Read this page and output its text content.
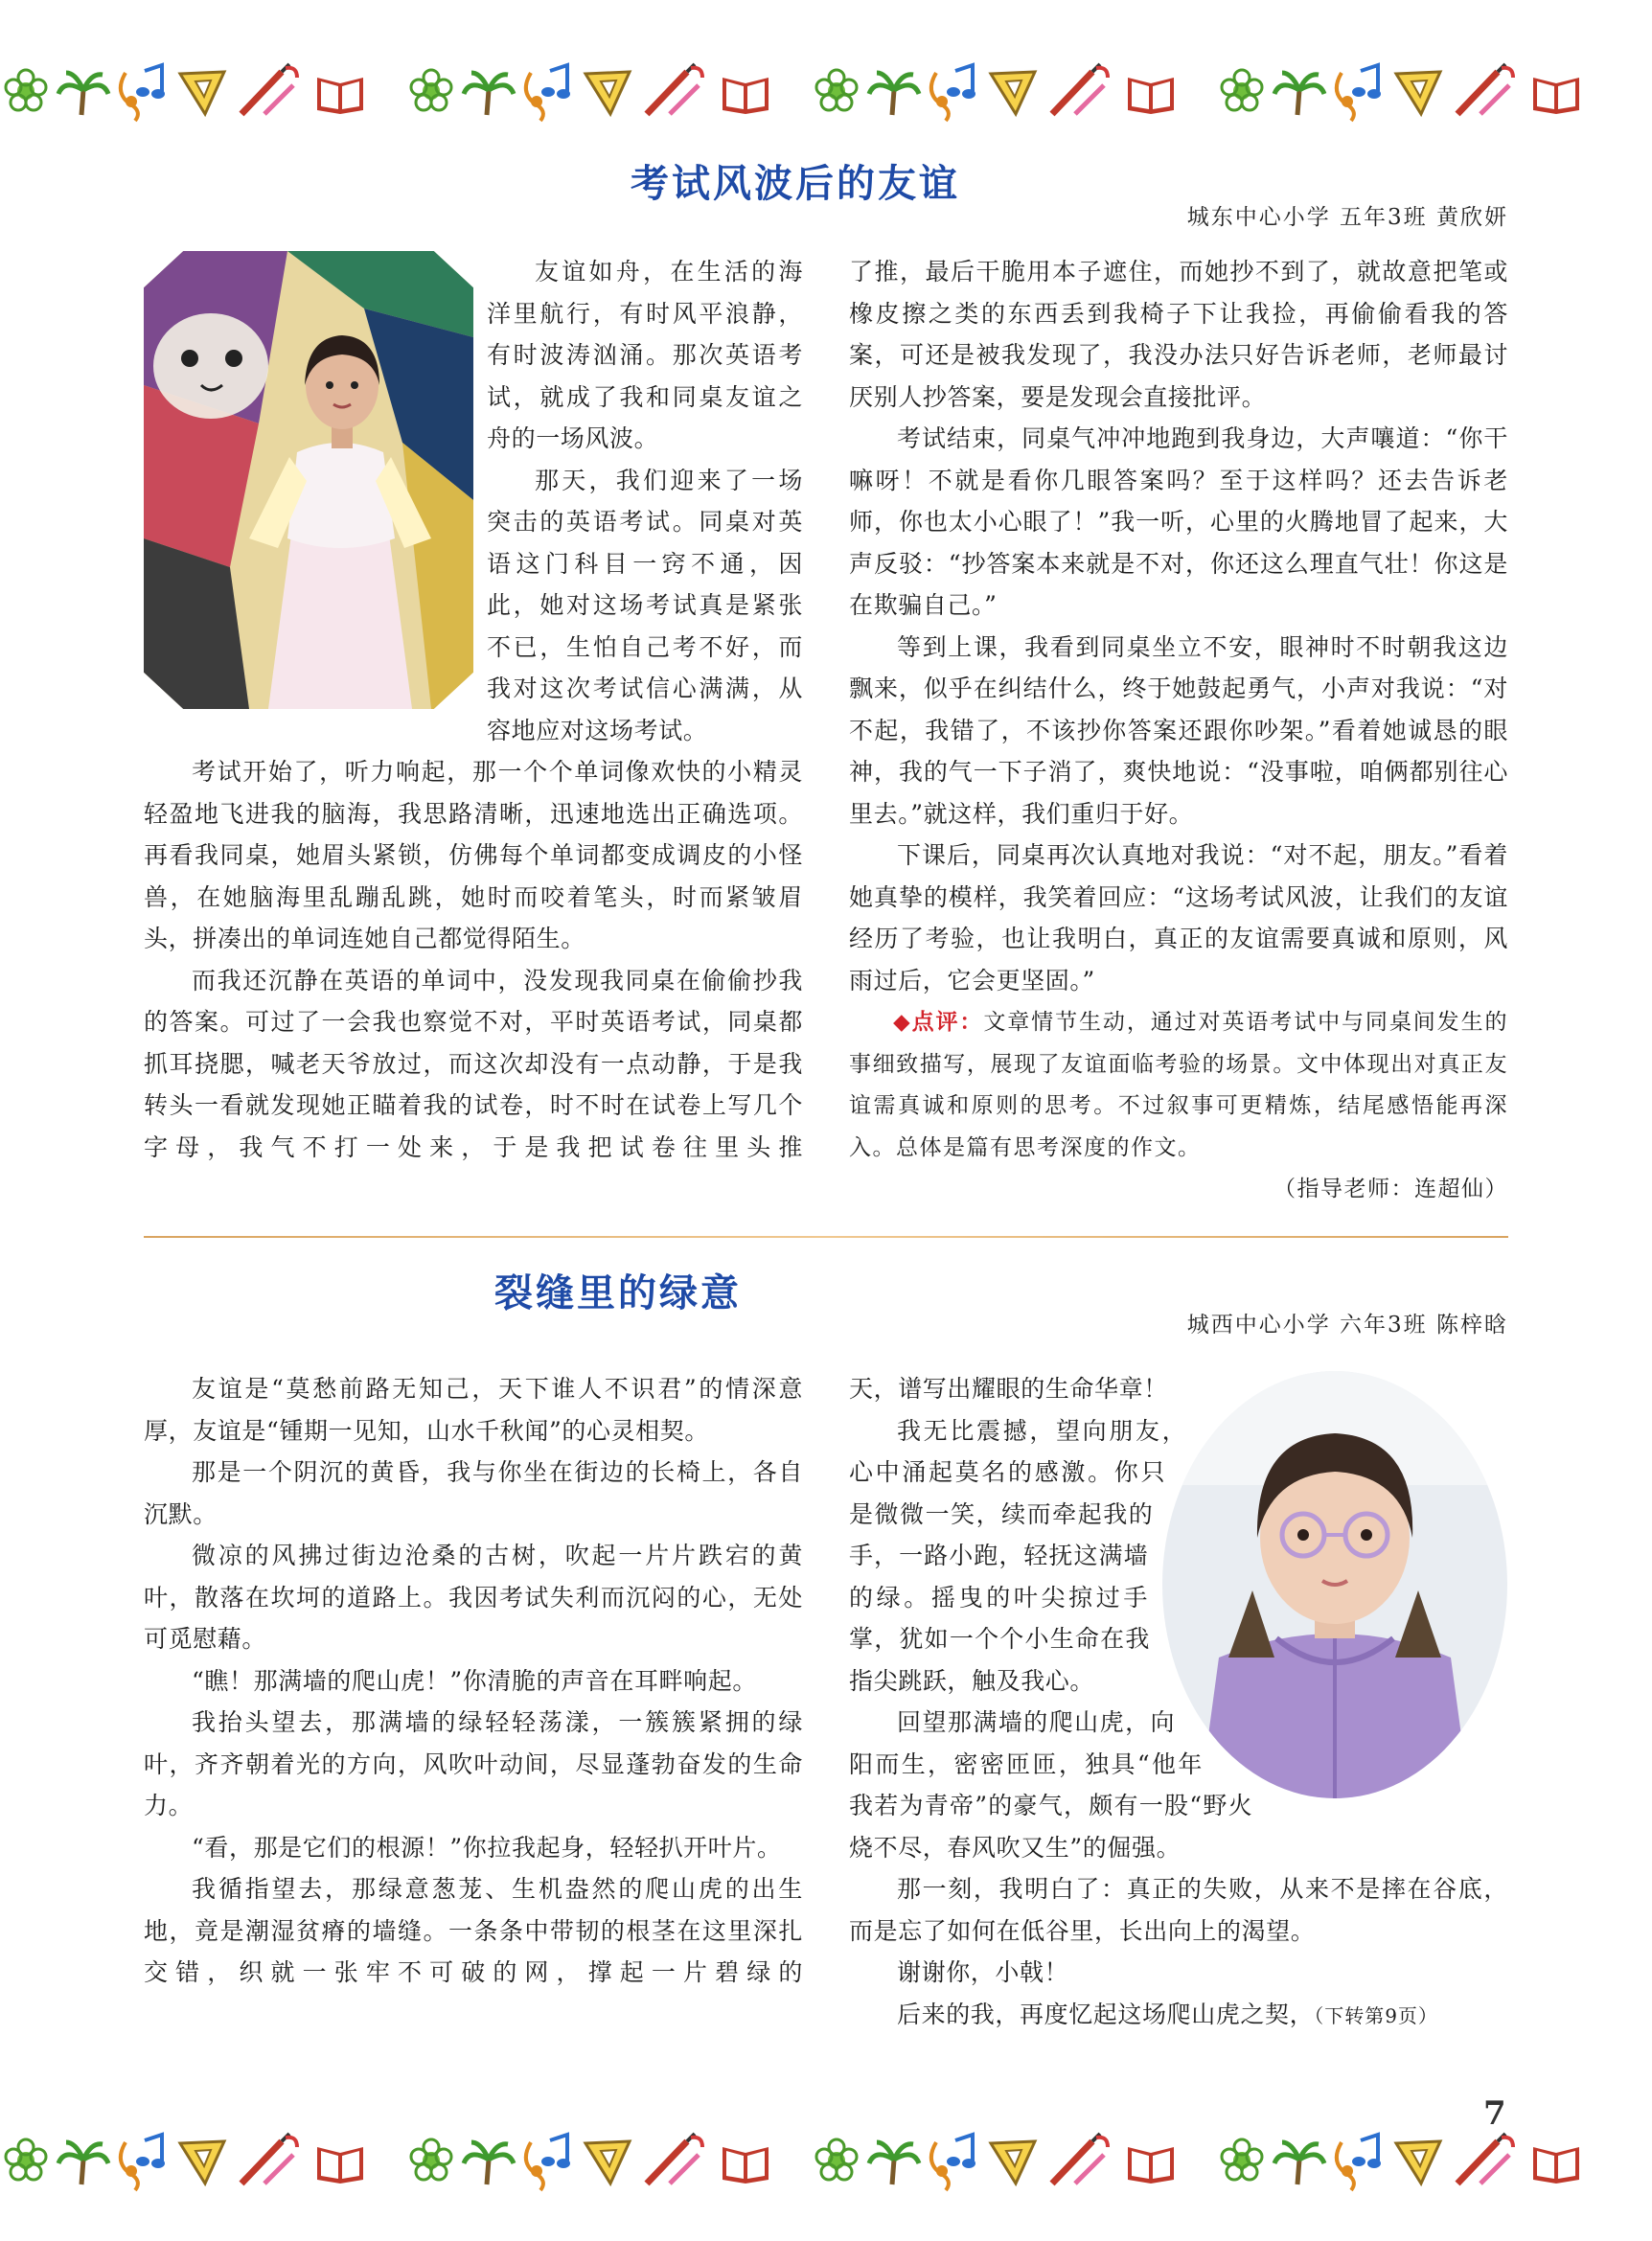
考试风波后的友谊

城东中心小学 五年3班 黄欣妍

友谊如舟，在生活的海洋里航行，有时风平浪静，有时波涛汹涌。那次英语考试，就成了我和同桌友谊之舟的一场风波。

那天，我们迎来了一场突击的英语考试。同桌对英语这门科目一窍不通，因此，她对这场考试真是紧张不已，生怕自己考不好，而我对这次考试信心满满，从容地应对这场考试。

考试开始了，听力响起，那一个个单词像欢快的小精灵轻盈地飞进我的脑海，我思路清晰，迅速地选出正确选项。再看我同桌，她眉头紧锁，仿佛每个单词都变成调皮的小怪兽，在她脑海里乱蹦乱跳，她时而咬着笔头，时而紧皱眉头，拼凑出的单词连她自己都觉得陌生。

而我还沉静在英语的单词中，没发现我同桌在偷偷抄我的答案。可过了一会我也察觉不对，平时英语考试，同桌都抓耳挠腮，喊老天爷放过，而这次却没有一点动静，于是我转头一看就发现她正瞄着我的试卷，时不时在试卷上写几个字母，我气不打一处来，于是我把试卷往里头推

了推，最后干脆用本子遮住，而她抄不到了，就故意把笔或橡皮擦之类的东西丢到我椅子下让我捡，再偷偷看我的答案，可还是被我发现了，我没办法只好告诉老师，老师最讨厌别人抄答案，要是发现会直接批评。

考试结束，同桌气冲冲地跑到我身边，大声嚷道：“你干嘛呀！不就是看你几眼答案吗？至于这样吗？还去告诉老师，你也太小心眼了！”我一听，心里的火腾地冒了起来，大声反驳：“抄答案本来就是不对，你还这么理直气壮！你这是在欺骗自己。”

等到上课，我看到同桌坐立不安，眼神时不时朝我这边飘来，似乎在纠结什么，终于她鼓起勇气，小声对我说：“对不起，我错了，不该抄你答案还跟你吵架。”看着她诚恳的眼神，我的气一下子消了，爽快地说：“没事啦，咱俩都别往心里去。”就这样，我们重归于好。

下课后，同桌再次认真地对我说：“对不起，朋友。”看着她真挚的模样，我笑着回应：“这场考试风波，让我们的友谊经历了考验，也让我明白，真正的友谊需要真诚和原则，风雨过后，它会更坚固。”

◆点评：文章情节生动，通过对英语考试中与同桌间发生的事细致描写，展现了友谊面临考验的场景。文中体现出对真正友谊需真诚和原则的思考。不过叙事可更精炼，结尾感悟能再深入。总体是篇有思考深度的作文。

（指导老师：连超仙）

裂缝里的绿意

城西中心小学 六年3班 陈梓晗

友谊是“莫愁前路无知己，天下谁人不识君”的情深意厚，友谊是“锺期一见知，山水千秋闻”的心灵相契。

那是一个阴沉的黄昏，我与你坐在街边的长椅上，各自沉默。

微凉的风拂过街边沧桑的古树，吹起一片片跌宕的黄叶，散落在坎坷的道路上。我因考试失利而沉闷的心，无处可觅慰藉。

“瞧！那满墙的爬山虎！”你清脆的声音在耳畔响起。

我抬头望去，那满墙的绿轻轻荡漾，一簇簇紧拥的绿叶，齐齐朝着光的方向，风吹叶动间，尽显蓬勃奋发的生命力。

“看，那是它们的根源！”你拉我起身，轻轻扒开叶片。

我循指望去，那绿意葱茏、生机盎然的爬山虎的出生地，竟是潮湿贫瘠的墙缝。一条条中带韧的根茎在这里深扎交错，织就一张牢不可破的网，撑起一片碧绿的

天，谱写出耀眼的生命华章！

我无比震撼，望向朋友，心中涌起莫名的感激。你只是微微一笑，续而牵起我的手，一路小跑，轻抚这满墙的绿。摇曳的叶尖掠过手掌，犹如一个个小生命在我指尖跳跃，触及我心。

回望那满墙的爬山虎，向阳而生，密密匝匝，独具“他年我若为青帝”的豪气，颇有一股“野火烧不尽，春风吹又生”的倔强。

那一刻，我明白了：真正的失败，从来不是摔在谷底，而是忘了如何在低谷里，长出向上的渴望。

谢谢你，小戟！

后来的我，再度忆起这场爬山虎之契，（下转第9页）

7
